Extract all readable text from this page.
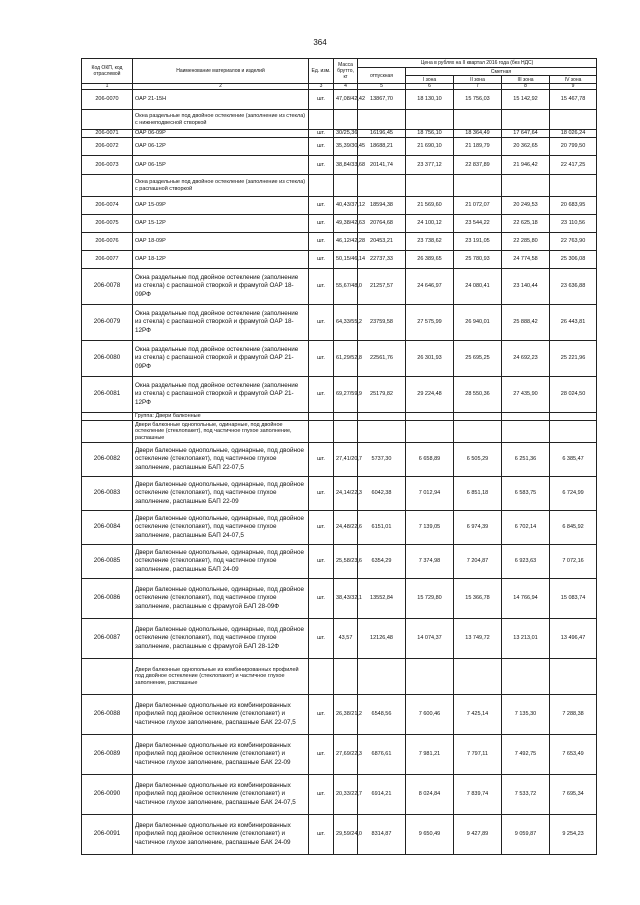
364
Код ОКП, код отраслевой	Наименование материалов и изделий	Ед. изм.	Масса брутто, кг	Цена в рублях на II квартал 2016 года (без НДС)				
				отпускная	Сметная			
					I зона	II зона	III зона	IV зона
1	2	3	4	5	6	7	8	9
206-0070	ОАР 21-15Н	шт.	47,08/42,42	13867,70	18 130,10	15 756,03	15 142,92	15 467,78
	Окна раздельные под двойное остекление (заполнение из стекла) с нижнеподвесной створкой							
206-0071	ОАР 06-09Р	шт.	30/25,36	16196,45	18 756,10	18 364,49	17 647,64	18 026,24
206-0072	ОАР 06-12Р	шт.	35,39/30,45	18688,21	21 690,10	21 189,79	20 362,65	20 799,50
206-0073	ОАР 06-15Р	шт.	38,84/33,68	20141,74	23 377,12	22 837,89	21 946,42	22 417,25
	Окна раздельные под двойное остекление (заполнение из стекла) с распашной створкой							
206-0074	ОАР 15-09Р	шт.	40,43/37,12	18594,38	21 569,60	21 072,07	20 249,53	20 683,95
206-0075	ОАР 15-12Р	шт.	49,38/42,63	20764,68	24 100,12	23 544,22	22 625,18	23 110,56
206-0076	ОАР 18-09Р	шт.	46,12/42,28	20453,21	23 738,62	23 191,05	22 285,80	22 763,90
206-0077	ОАР 18-12Р	шт.	50,15/46,14	22737,33	26 389,65	25 780,93	24 774,58	25 306,08
206-0078	Окна раздельные под двойное остекление (заполнение из стекла) с распашной створкой и фрамугой ОАР 18-09РФ	шт.	55,67/48,0	21257,57	24 646,97	24 080,41	23 140,44	23 636,88
206-0079	Окна раздельные под двойное остекление (заполнение из стекла) с распашной створкой и фрамугой ОАР 18-12РФ	шт.	64,33/55,2	23759,58	27 575,99	26 940,01	25 888,42	26 443,81
206-0080	Окна раздельные под двойное остекление (заполнение из стекла) с распашной створкой и фрамугой ОАР 21-09РФ	шт.	61,29/52,8	22561,76	26 301,93	25 695,25	24 692,23	25 221,96
206-0081	Окна раздельные под двойное остекление (заполнение из стекла) с распашной створкой и фрамугой ОАР 21-12РФ	шт.	69,27/59,9	25179,82	29 224,48	28 550,36	27 435,90	28 024,50
	Группа: Двери балконные							
	Двери балконные однопольные, одинарные, под двойное остекление (стеклопакет), под частичное глухое заполнение, распашные							
206-0082	Двери балконные однопольные, одинарные, под двойное остекление (стеклопакет), под частичное глухое заполнение, распашные БАП 22-07,5	шт.	27,41/20,7	5737,30	6 658,89	6 505,29	6 251,36	6 385,47
206-0083	Двери балконные однопольные, одинарные, под двойное остекление (стеклопакет), под частичное глухое заполнение, распашные БАП 22-09	шт.	24,14/22,3	6042,38	7 012,94	6 851,18	6 583,75	6 724,99
206-0084	Двери балконные однопольные, одинарные, под двойное остекление (стеклопакет), под частичное глухое заполнение, распашные БАП 24-07,5	шт.	24,48/22,6	6151,01	7 139,05	6 974,39	6 702,14	6 845,92
206-0085	Двери балконные однопольные, одинарные, под двойное остекление (стеклопакет), под частичное глухое заполнение, распашные БАП 24-09	шт.	25,58/23,6	6354,29	7 374,98	7 204,87	6 923,63	7 072,16
206-0086	Двери балконные однопольные, одинарные, под двойное остекление (стеклопакет), под частичное глухое заполнение, распашные с фрамугой БАП 28-09Ф	шт.	38,43/32,1	13552,84	15 729,80	15 366,78	14 766,94	15 083,74
206-0087	Двери балконные однопольные, одинарные, под двойное остекление (стеклопакет), под частичное глухое заполнение, распашные с фрамугой БАП 28-12Ф	шт.	43,57	12126,48	14 074,37	13 749,72	13 213,01	13 496,47
	Двери балконные однопольные из комбинированных профилей под двойное остекление (стеклопакет) и частичное глухое заполнение, распашные							
206-0088	Двери балконные однопольные из комбинированных профилей под двойное остекление (стеклопакет) и частичное глухое заполнение, распашные БАК 22-07,5	шт.	26,38/21,2	6548,56	7 600,46	7 425,14	7 135,30	7 288,38
206-0089	Двери балконные однопольные из комбинированных профилей под двойное остекление (стеклопакет) и частичное глухое заполнение, распашные БАК 22-09	шт.	27,69/22,3	6876,61	7 981,21	7 797,11	7 492,75	7 653,49
206-0090	Двери балконные однопольные из комбинированных профилей под двойное остекление (стеклопакет) и частичное глухое заполнение, распашные БАК 24-07,5	шт.	20,33/22,7	6914,21	8 024,84	7 839,74	7 533,72	7 695,34
206-0091	Двери балконные однопольные из комбинированных профилей под двойное остекление (стеклопакет) и частичное глухое заполнение, распашные БАК 24-09	шт.	29,59/24,0	8314,87	9 650,49	9 427,89	9 059,87	9 254,23
